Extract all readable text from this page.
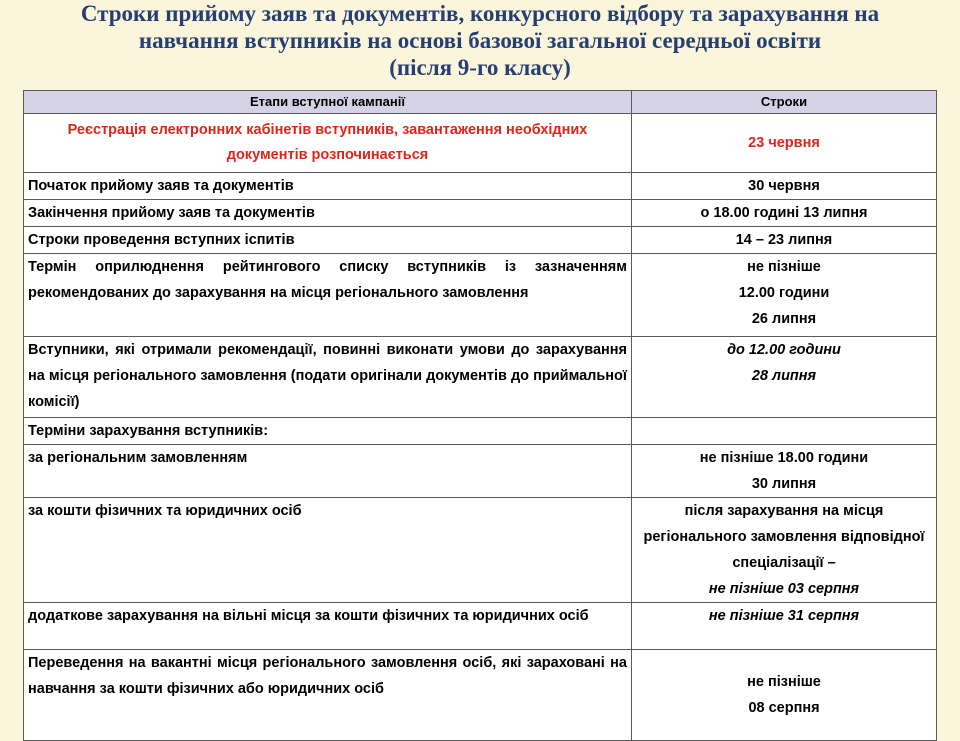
Строки прийому заяв та документів, конкурсного відбору та зарахування на
навчання вступників на основі базової загальної середньої освіти
(після 9-го класу)
Етапи вступної кампанії	Строки
Реєстрація електронних кабінетів вступників, завантаження необхідних документів розпочинається	23 червня
Початок прийому заяв та документів	30 червня
Закінчення прийому заяв та документів	о 18.00 годині 13 липня
Строки проведення вступних іспитів	14 – 23 липня
Термін оприлюднення рейтингового списку вступників із зазначенням рекомендованих до зарахування на місця регіонального замовлення	не пізніше
12.00 години
26 липня

Вступники, які отримали рекомендації, повинні виконати умови до зарахування на місця регіонального замовлення (подати оригінали документів до приймальної комісії)	до 12.00 години
28 липня

Терміни зарахування вступників:	
за регіональним замовленням	не пізніше 18.00 години
30 липня

за кошти фізичних та юридичних осіб	після зарахування на місця
регіонального замовлення відповідної
спеціалізації –
не пізніше 03 серпня

додаткове зарахування на вільні місця за кошти фізичних та юридичних осіб	не пізніше 31 серпня
Переведення на вакантні місця регіонального замовлення осіб, які зараховані на навчання за кошти фізичних або юридичних осіб	не пізніше
08 серпня
